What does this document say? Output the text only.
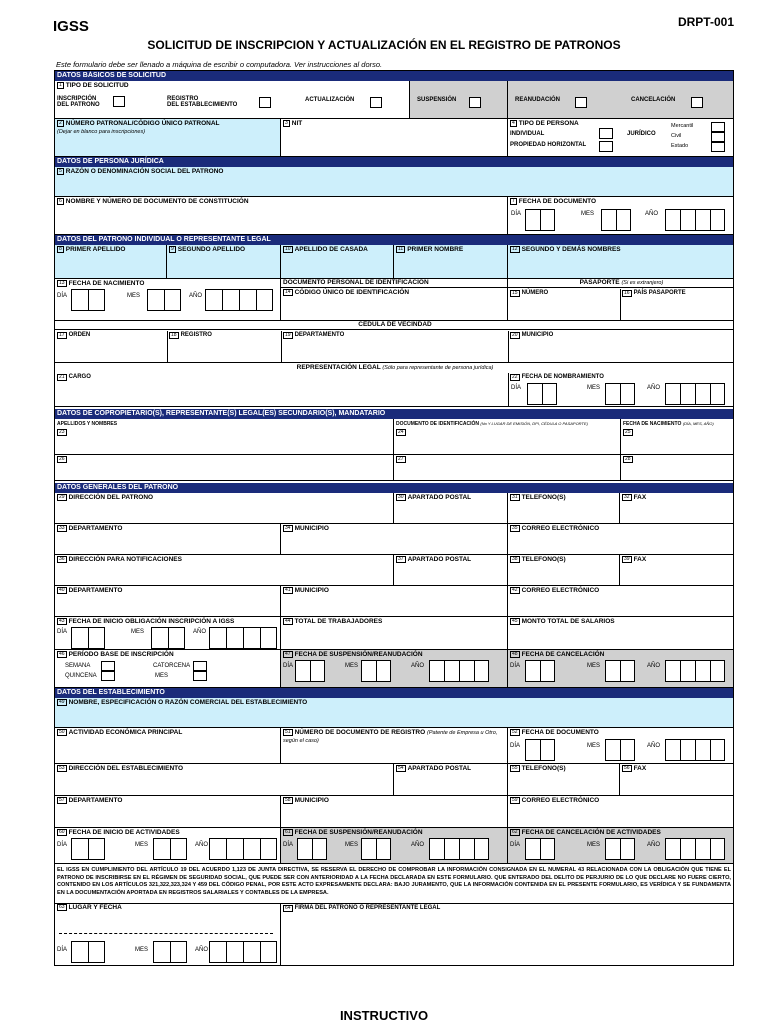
IGSS	DRPT-001
SOLICITUD DE INSCRIPCION Y ACTUALIZACIÓN EN EL REGISTRO DE PATRONOS
Este formulario debe ser llenado a máquina de escribir o computadora. Ver instrucciones al dorso.
DATOS BÁSICOS DE SOLICITUD
1 TIPO DE SOLICITUD
INSCRIPCIÓN
DEL PATRONO
REGISTRO
DEL ESTABLECIMIENTO
ACTUALIZACIÓN	SUSPENSIÓN	REANUDACIÓN	CANCELACIÓN
2 NÚMERO PATRONAL/CÓDIGO ÚNICO PATRONAL
(Dejar en blanco para inscripciones)
3 NIT	4 TIPO DE PERSONA
INDIVIDUAL	JURÍDICO
PROPIEDAD HORIZONTAL
Mercantil
Civil
Estado
DATOS DE PERSONA JURÍDICA
5 RAZÓN O DENOMINACIÓN SOCIAL DEL PATRONO
6 NOMBRE Y NÚMERO DE DOCUMENTO DE CONSTITUCIÓN	7 FECHA DE DOCUMENTO
DÍA	MES	AÑO
DATOS DEL PATRONO INDIVIDUAL O REPRESENTANTE LEGAL
8 PRIMER APELLIDO	9 SEGUNDO APELLIDO	10 APELLIDO DE CASADA	11 PRIMER NOMBRE	12 SEGUNDO Y DEMÁS NOMBRES
13 FECHA DE NACIMIENTO
DÍA	MES	AÑO
DOCUMENTO PERSONAL DE IDENTIFICACIÓN
14 CÓDIGO ÚNICO DE IDENTIFICACIÓN
PASAPORTE (Si es extranjero)
15 NÚMERO	16 PAÍS PASAPORTE
CÉDULA DE VECINDAD
17 ORDEN	18 REGISTRO	19 DEPARTAMENTO	20 MUNICIPIO
REPRESENTACIÓN LEGAL (Sólo para representante de persona jurídica)
21 CARGO	22 FECHA DE NOMBRAMIENTO
DÍA	MES	AÑO
DATOS DE COPROPIETARIO(S), REPRESENTANTE(S) LEGAL(ES) SECUNDARIO(S), MANDATARIO
APELLIDOS Y NOMBRES	DOCUMENTO DE IDENTIFICACIÓN (No Y LUGAR DE EMISIÓN, DPI, CÉDULA O PASAPORTE)	FECHA DE NACIMIENTO (DÍA, MES, AÑO)
23	24	25
26	27	28
DATOS GENERALES DEL PATRONO
29 DIRECCIÓN DEL PATRONO	30 APARTADO POSTAL	31 TELEFONO(S)	32 FAX
33 DEPARTAMENTO	34 MUNICIPIO	35 CORREO ELECTRÓNICO
36 DIRECCIÓN PARA NOTIFICACIONES	37 APARTADO POSTAL	38 TELEFONO(S)	39 FAX
40 DEPARTAMENTO	41 MUNICIPIO	42 CORREO ELECTRÓNICO
43 FECHA DE INICIO OBLIGACIÓN INSCRIPCIÓN A IGSS
DÍA	MES	AÑO
44 TOTAL DE TRABAJADORES	45 MONTO TOTAL DE SALARIOS
46 PERÍODO BASE DE INSCRIPCIÓN
SEMANA
QUINCENA
CATORCENA
MES
47 FECHA DE SUSPENSIÓN/REANUDACIÓN
DÍA	MES	AÑO
48 FECHA DE CANCELACIÓN
DÍA	MES	AÑO
DATOS DEL ESTABLECIMIENTO
49 NOMBRE, ESPECIFICACIÓN O RAZÓN COMERCIAL DEL ESTABLECIMIENTO
50 ACTIVIDAD ECONÓMICA PRINCIPAL	51 NÚMERO DE DOCUMENTO DE REGISTRO (Patente de Empresa u Otro, según el caso)
52 FECHA DE DOCUMENTO
DÍA	MES	AÑO
53 DIRECCIÓN DEL ESTABLECIMIENTO	54 APARTADO POSTAL	55 TELEFONO(S)	56 FAX
57 DEPARTAMENTO	58 MUNICIPIO	59 CORREO ELECTRÓNICO
60 FECHA DE INICIO DE ACTIVIDADES
DÍA	MES	AÑO
61 FECHA DE SUSPENSIÓN/REANUDACIÓN
DÍA	MES	AÑO
62 FECHA DE CANCELACIÓN DE ACTIVIDADES
DÍA	MES	AÑO
EL IGSS EN CUMPLIMIENTO DEL ARTÍCULO 19 DEL ACUERDO 1,123 DE JUNTA DIRECTIVA, SE RESERVA EL DERECHO DE COMPROBAR LA INFORMACIÓN CONSIGNADA EN EL NUMERAL 43 RELACIONADA CON LA OBLIGACIÓN QUE TIENE EL PATRONO DE INSCRIBIRSE EN EL RÉGIMEN DE SEGURIDAD SOCIAL, QUE PUEDE SER CON ANTERIORIDAD A LA FECHA DECLARADA EN ESTE FORMULARIO. QUE ENTERADO DEL DELITO DE PERJURIO DE LO QUE DECLARE NO FUERE CIERTO, CONTENIDO EN LOS ARTÍCULOS 321,322,323,324 Y 459 DEL CÓDIGO PENAL, POR ESTE ACTO EXPRESAMENTE DECLARA: BAJO JURAMENTO, QUE LA INFORMACIÓN CONTENIDA EN EL PRESENTE FORMULARIO, ES VERÍDICA Y SE FUNDAMENTA EN LA DOCUMENTACIÓN APORTADA EN REGISTROS SALARIALES Y CONTABLES DE LA EMPRESA.
63 LUGAR Y FECHA
DÍA	MES	AÑO
64 FIRMA DEL PATRONO O REPRESENTANTE LEGAL
INSTRUCTIVO
